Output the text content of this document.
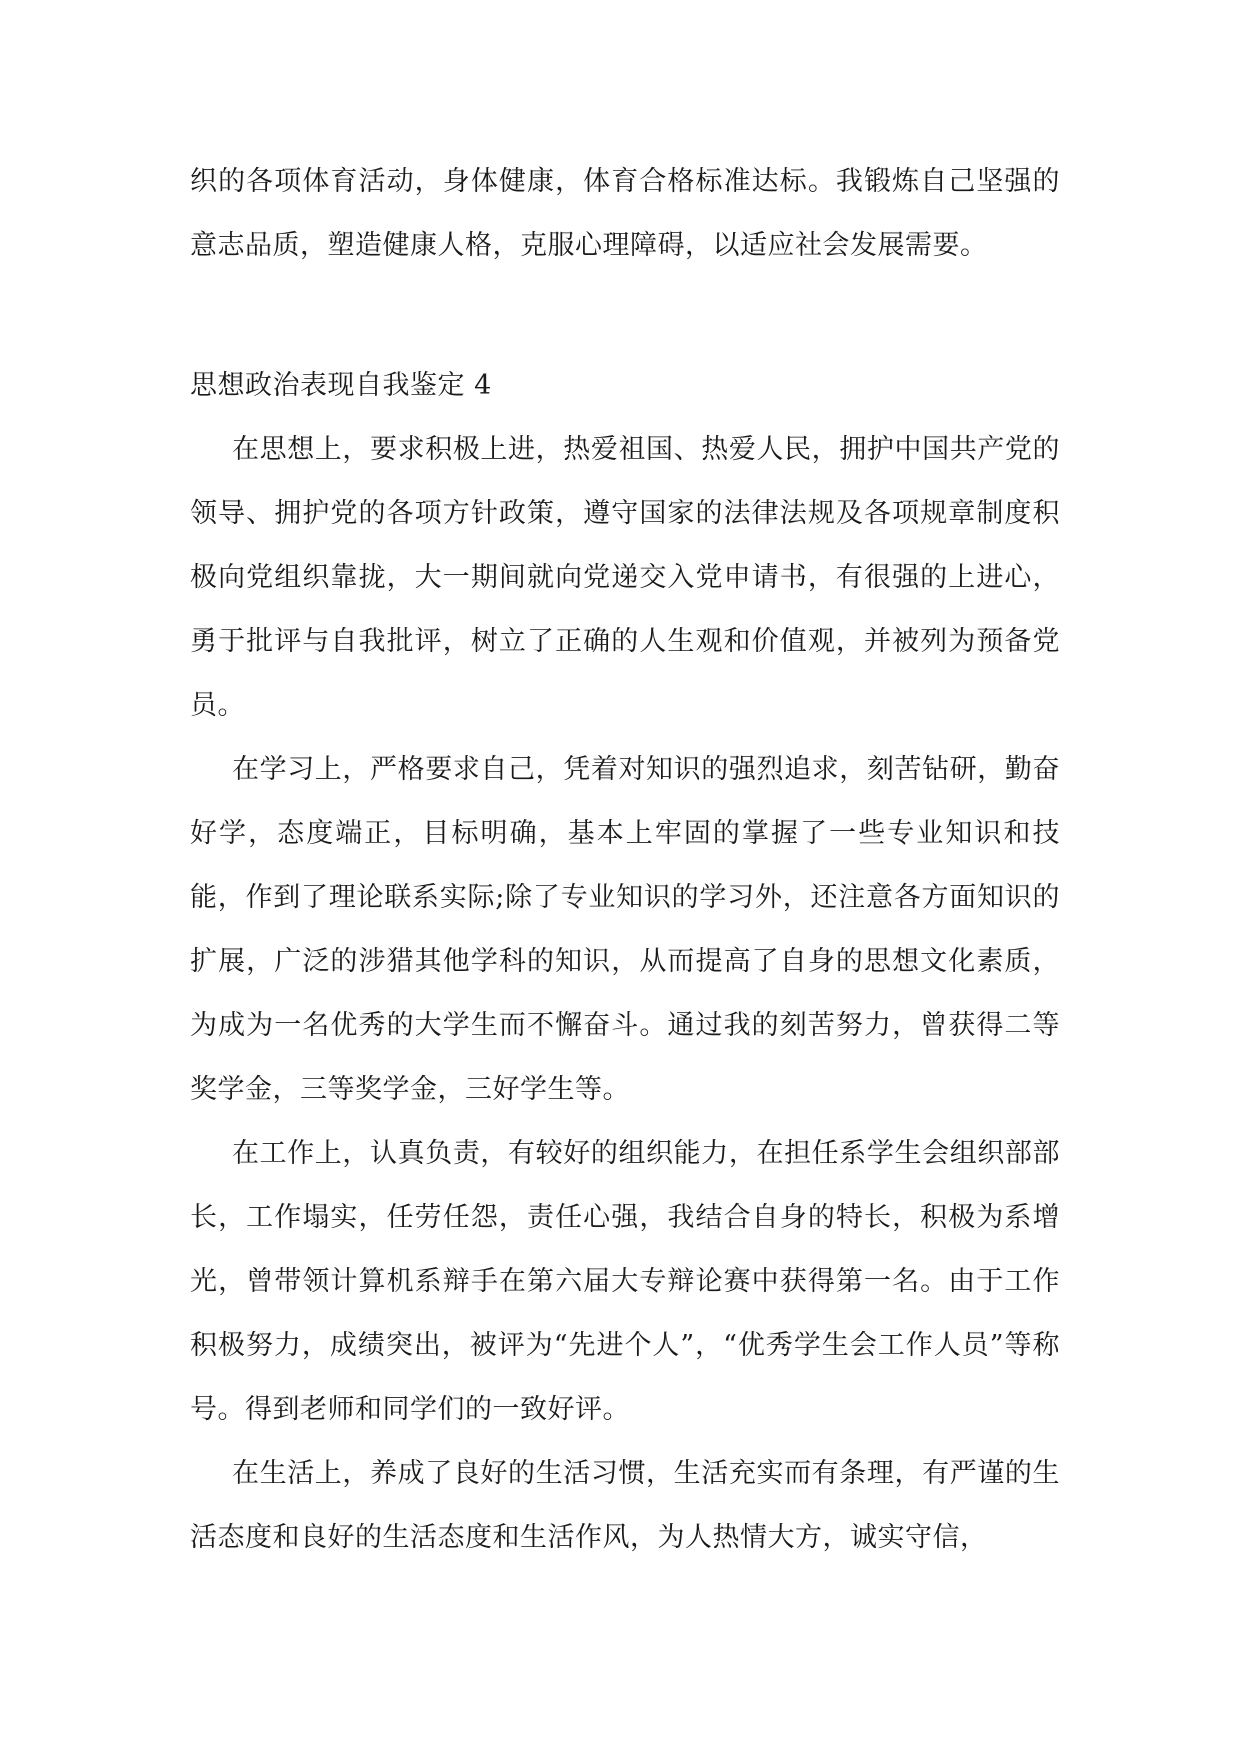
织的各项体育活动，身体健康，体育合格标准达标。我锻炼自己坚强的意志品质，塑造健康人格，克服心理障碍，以适应社会发展需要。

思想政治表现自我鉴定 4

在思想上，要求积极上进，热爱祖国、热爱人民，拥护中国共产党的领导、拥护党的各项方针政策，遵守国家的法律法规及各项规章制度积极向党组织靠拢，大一期间就向党递交入党申请书，有很强的上进心，勇于批评与自我批评，树立了正确的人生观和价值观，并被列为预备党员。

在学习上，严格要求自己，凭着对知识的强烈追求，刻苦钻研，勤奋好学，态度端正，目标明确，基本上牢固的掌握了一些专业知识和技能，作到了理论联系实际;除了专业知识的学习外，还注意各方面知识的扩展，广泛的涉猎其他学科的知识，从而提高了自身的思想文化素质，为成为一名优秀的大学生而不懈奋斗。通过我的刻苦努力，曾获得二等奖学金，三等奖学金，三好学生等。

在工作上，认真负责，有较好的组织能力，在担任系学生会组织部部长，工作塌实，任劳任怨，责任心强，我结合自身的特长，积极为系增光，曾带领计算机系辩手在第六届大专辩论赛中获得第一名。由于工作积极努力，成绩突出，被评为“先进个人”，“优秀学生会工作人员”等称号。得到老师和同学们的一致好评。

在生活上，养成了良好的生活习惯，生活充实而有条理，有严谨的生活态度和良好的生活态度和生活作风，为人热情大方，诚实守信，
